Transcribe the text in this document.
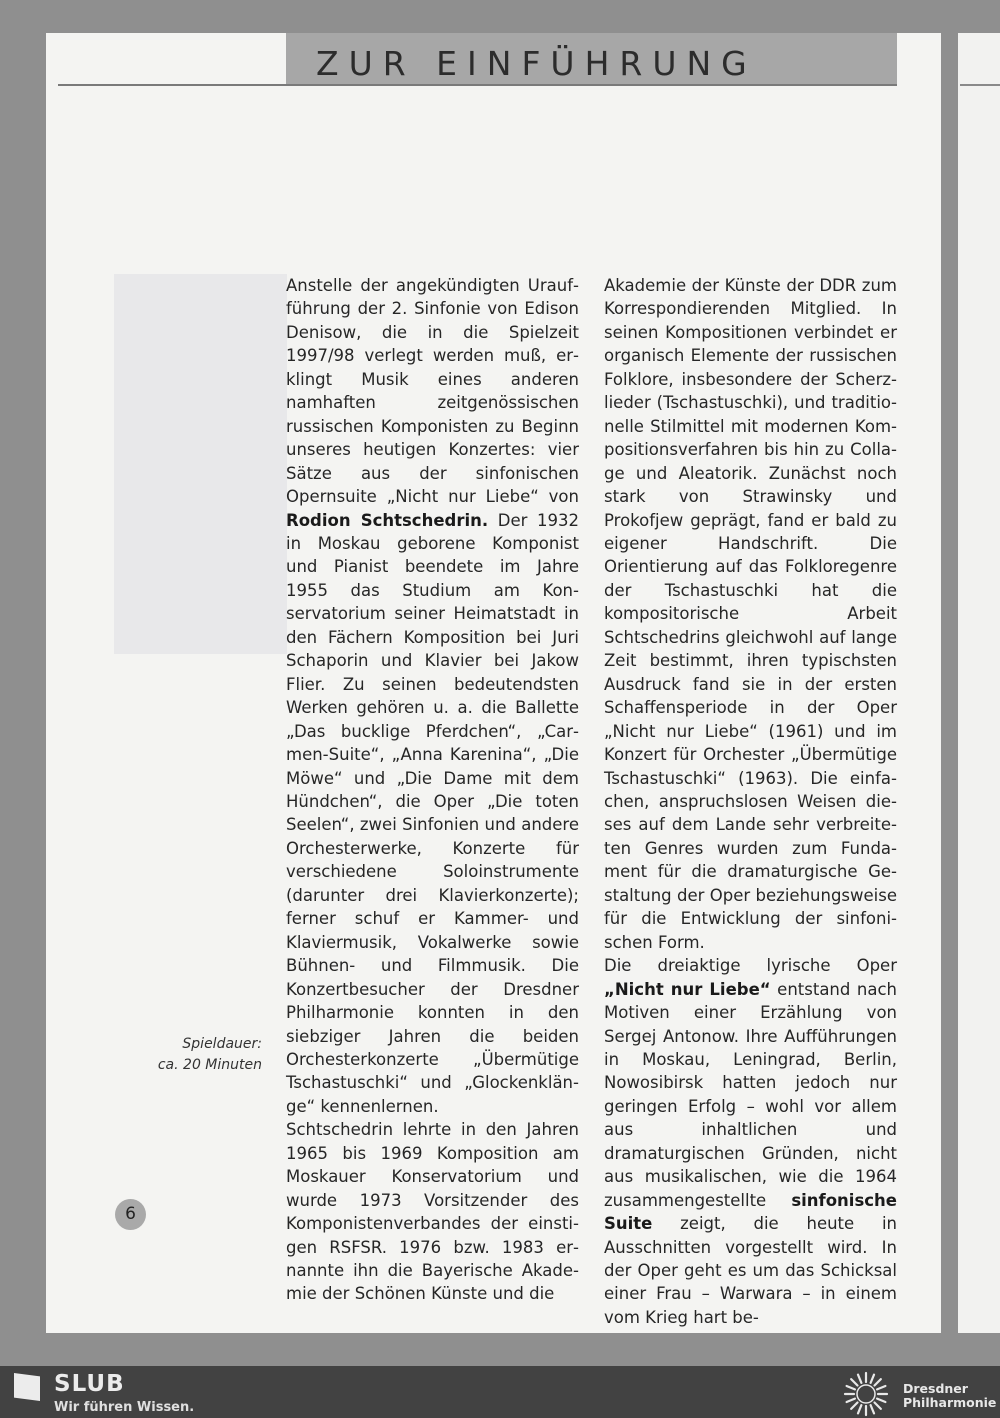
ZUR EINFÜHRUNG

Anstelle der angekündigten Uraufführung der 2. Sinfonie von Edison Denisow, die in die Spielzeit 1997/98 verlegt werden muß, erklingt Musik eines anderen namhaften zeitgenössischen russischen Komponisten zu Beginn unseres heutigen Konzertes: vier Sätze aus der sinfonischen Opernsuite „Nicht nur Liebe“ von Rodion Schtschedrin. Der 1932 in Moskau geborene Komponist und Pianist beendete im Jahre 1955 das Studium am Konservatorium seiner Heimatstadt in den Fächern Komposition bei Juri Schaporin und Klavier bei Jakow Flier. Zu seinen bedeutendsten Werken gehören u. a. die Ballette „Das bucklige Pferdchen“, „Carmen-Suite“, „Anna Karenina“, „Die Möwe“ und „Die Dame mit dem Hündchen“, die Oper „Die toten Seelen“, zwei Sinfonien und andere Orchesterwerke, Konzerte für verschiedene Soloinstrumente (darunter drei Klavierkonzerte); ferner schuf er Kammer- und Klaviermusik, Vokalwerke sowie Bühnen- und Filmmusik. Die Konzertbesucher der Dresdner Philharmonie konnten in den siebziger Jahren die beiden Orchesterkonzerte „Übermütige Tschastuschki“ und „Glockenklänge“ kennenlernen.

Schtschedrin lehrte in den Jahren 1965 bis 1969 Komposition am Moskauer Konservatorium und wurde 1973 Vorsitzender des Komponistenverbandes der einstigen RSFSR. 1976 bzw. 1983 ernannte ihn die Bayerische Akademie der Schönen Künste und die

Akademie der Künste der DDR zum Korrespondierenden Mitglied. In seinen Kompositionen verbindet er organisch Elemente der russischen Folklore, insbesondere der Scherzlieder (Tschastuschki), und traditionelle Stilmittel mit modernen Kompositionsverfahren bis hin zu Collage und Aleatorik. Zunächst noch stark von Strawinsky und Prokofjew geprägt, fand er bald zu eigener Handschrift. Die Orientierung auf das Folkloregenre der Tschastuschki hat die kompositorische Arbeit Schtschedrins gleichwohl auf lange Zeit bestimmt, ihren typischsten Ausdruck fand sie in der ersten Schaffensperiode in der Oper „Nicht nur Liebe“ (1961) und im Konzert für Orchester „Übermütige Tschastuschki“ (1963). Die einfachen, anspruchslosen Weisen dieses auf dem Lande sehr verbreiteten Genres wurden zum Fundament für die dramaturgische Gestaltung der Oper beziehungsweise für die Entwicklung der sinfonischen Form.

Die dreiaktige lyrische Oper „Nicht nur Liebe“ entstand nach Motiven einer Erzählung von Sergej Antonow. Ihre Aufführungen in Moskau, Leningrad, Berlin, Nowosibirsk hatten jedoch nur geringen Erfolg – wohl vor allem aus inhaltlichen und dramaturgischen Gründen, nicht aus musikalischen, wie die 1964 zusammengestellte sinfonische Suite zeigt, die heute in Ausschnitten vorgestellt wird. In der Oper geht es um das Schicksal einer Frau – Warwara – in einem vom Krieg hart be-

Spieldauer:
ca. 20 Minuten
6
SLUB
Wir führen Wissen.
Dresdner
Philharmonie
